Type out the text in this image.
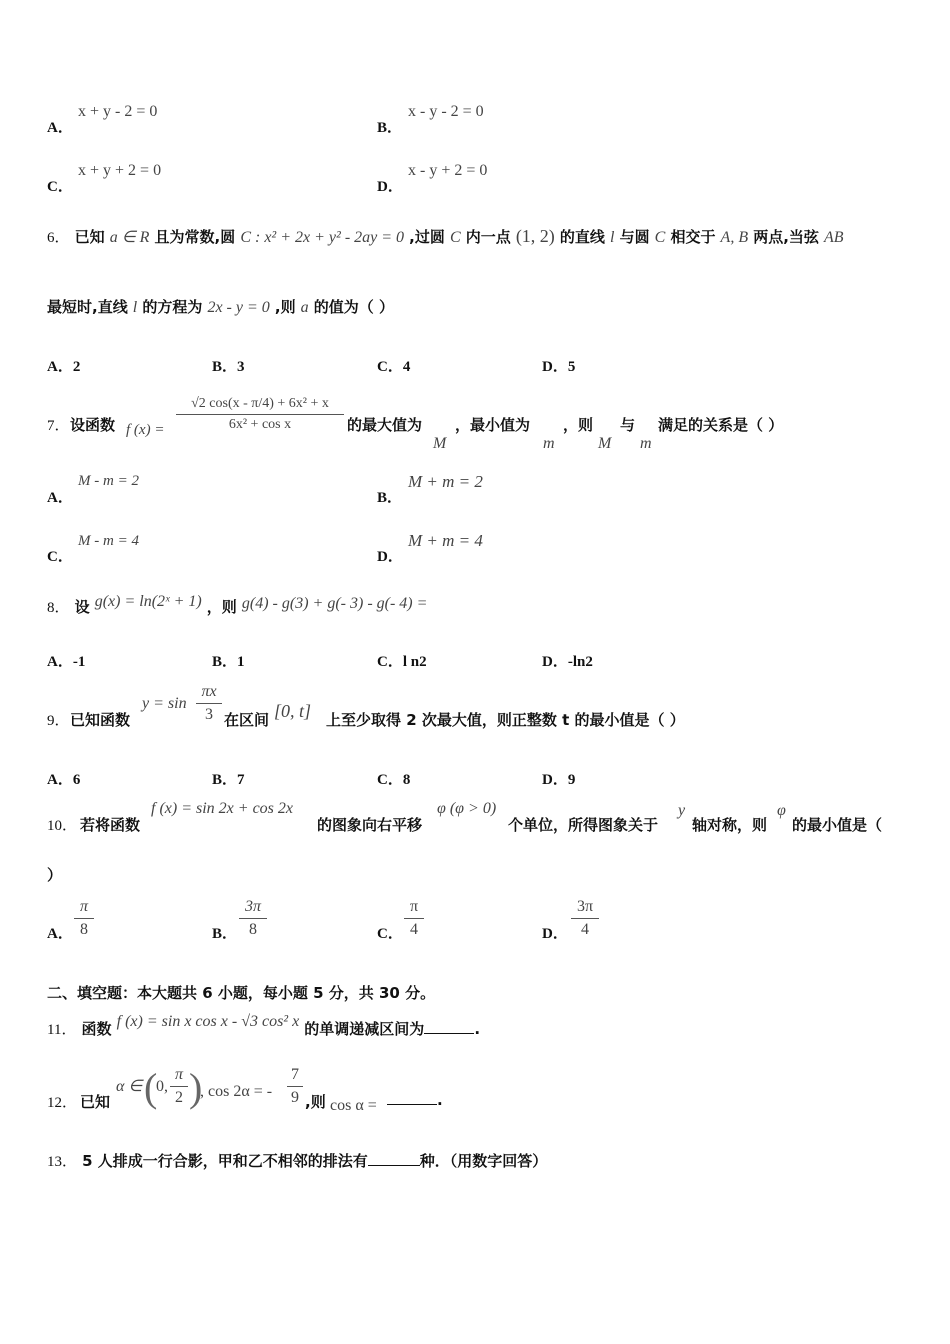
A．
x + y - 2 = 0
B．
x - y - 2 = 0
C．
x + y + 2 = 0
D．
x - y + 2 = 0
6． 已知 a ∈ R 且为常数,圆 C : x² + 2x + y² - 2ay = 0 ,过圆 C 内一点 (1, 2) 的直线 l 与圆 C 相交于 A, B 两点,当弦 AB
最短时,直线 l 的方程为 2x - y = 0 ,则 a 的值为（ ）
A．2	B．3	C．4	D．5
7． 设函数 f (x) =
√2 cos(x - π/4) + 6x² + x
6x² + cos x	的最大值为
M
，最小值为
m
，则
M
与
m
满足的关系是（ ）
A．
M - m = 2
B．
M + m = 2
C．
M - m = 4
D．
M + m = 4
8． 设 g(x) = ln(2ˣ + 1) ，则 g(4) - g(3) + g(- 3) - g(- 4) =
A．-1	B．1	C．l n2	D．-ln2
9． 已知函数
y = sin
πx
3 在区间 [0, t] 上至少取得 2 次最大值，则正整数 t 的最小值是（ ）
A．6	B．7	C．8	D．9
10． 若将函数
f (x) = sin 2x + cos 2x
的图象向右平移
φ (φ > 0)
个单位，所得图象关于
y
轴对称，则
φ
的最小值是（
）
A．
π
8	B．
3π
8	C．
π
4	D．
3π
4
二、填空题：本大题共 6 小题，每小题 5 分，共 30 分。
11． 函数 f (x) = sin x cos x - √3 cos² x 的单调递减区间为	.
12． 已知
α ∈ (
0,
π
2 )
, cos 2α = -
7
9 ,则 cos α =	.
13． 5 人排成一行合影，甲和乙不相邻的排法有	种．（用数字回答）
